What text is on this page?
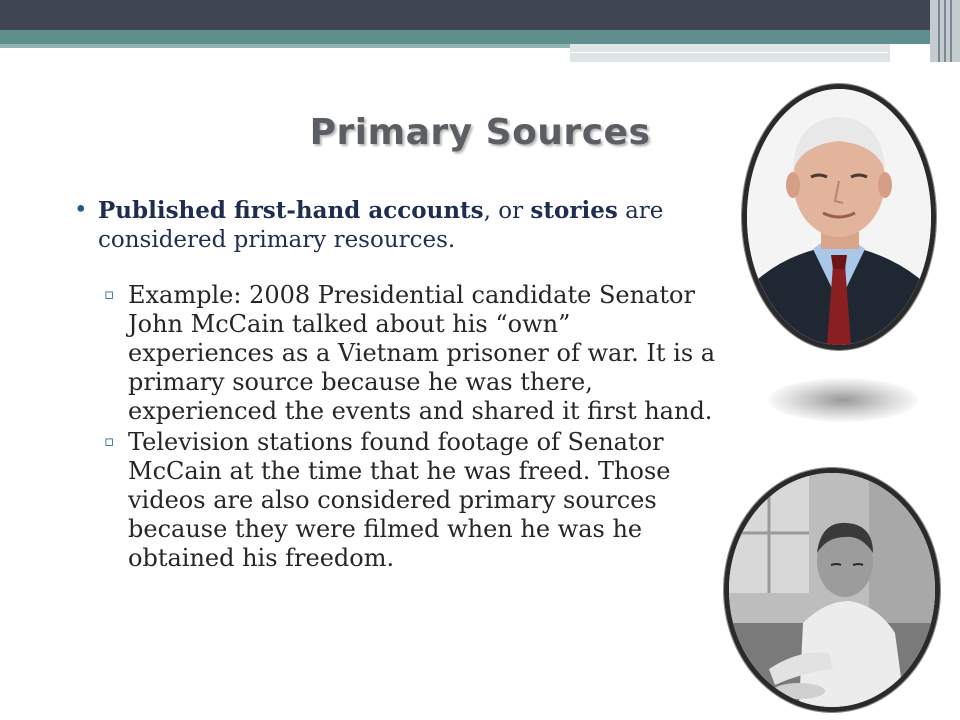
Primary Sources
• Published first-hand accounts, or stories are considered primary resources.
▫ Example: 2008 Presidential candidate Senator John McCain talked about his “own” experiences as a Vietnam prisoner of war. It is a primary source because he was there, experienced the events and shared it first hand.
▫ Television stations found footage of Senator McCain at the time that he was freed. Those videos are also considered primary sources because they were filmed when he was he obtained his freedom.
